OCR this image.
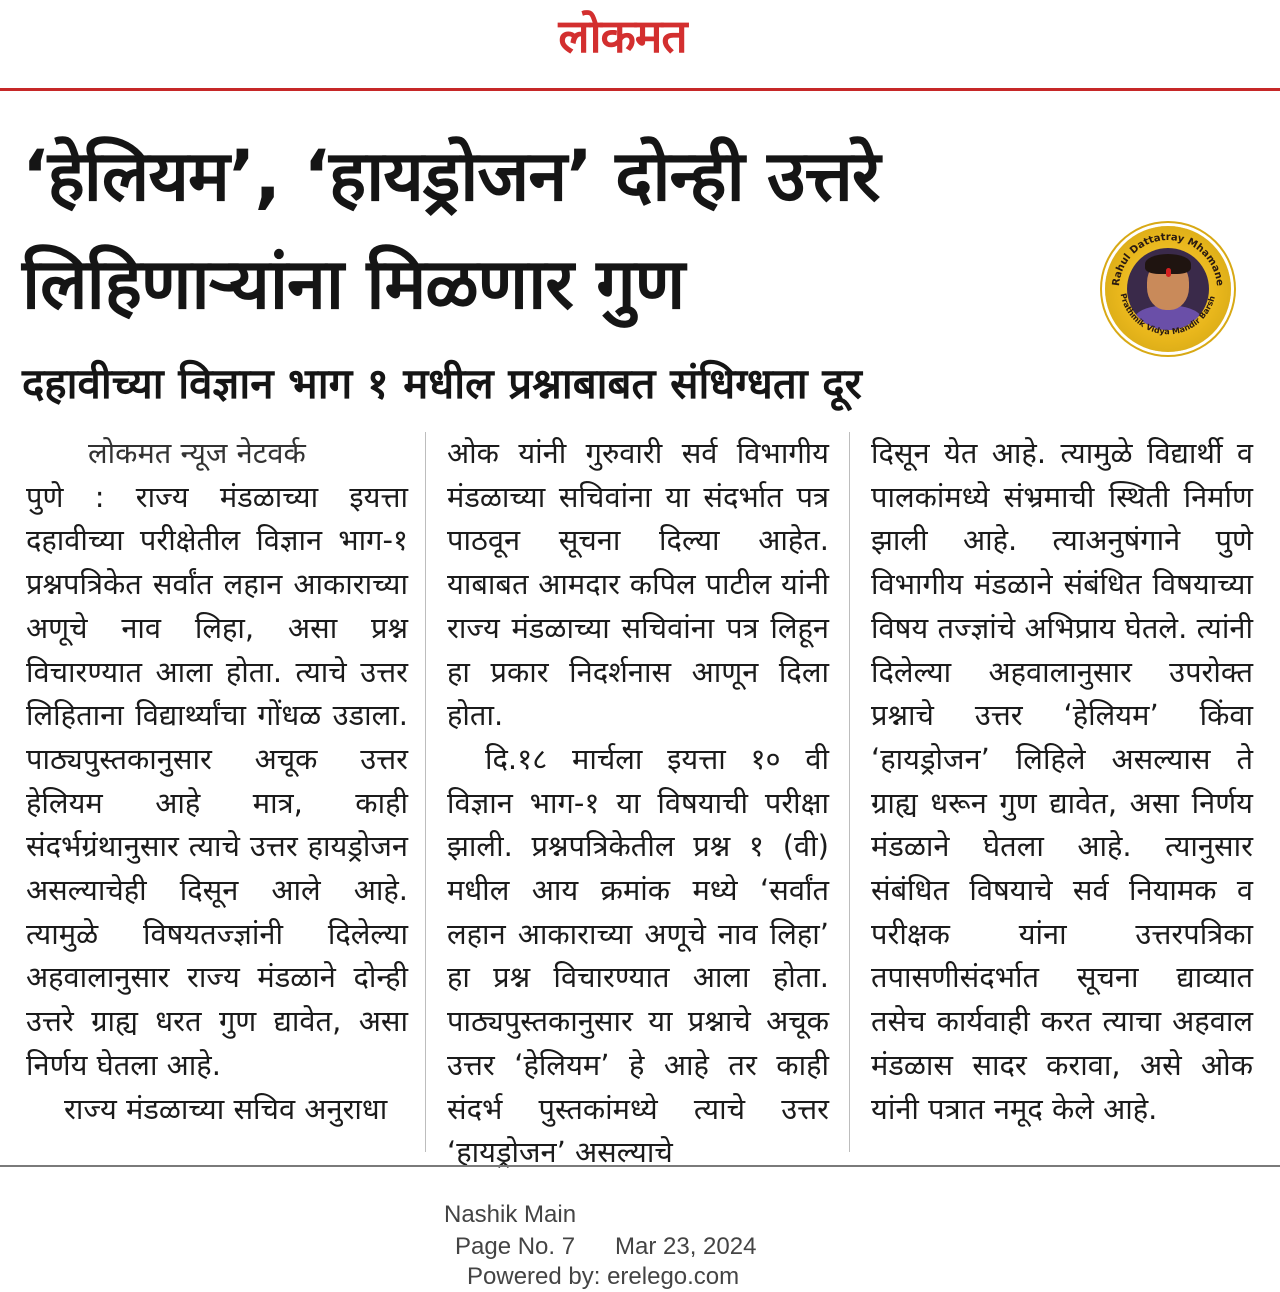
लोकमत
‘हेलियम’, ‘हायड्रोजन’ दोन्ही उत्तरे लिहिणाऱ्यांना मिळणार गुण	Rahul Dattatray Mhamane
Prathmik Vidya Mandir Barsh
दहावीच्या विज्ञान भाग १ मधील प्रश्नाबाबत संधिग्धता दूर
लोकमत न्यूज नेटवर्क

पुणे : राज्य मंडळाच्या इयत्ता दहावीच्या परीक्षेतील विज्ञान भाग-१ प्रश्नपत्रिकेत सर्वांत लहान आकाराच्या अणूचे नाव लिहा, असा प्रश्न विचारण्यात आला होता. त्याचे उत्तर लिहिताना विद्यार्थ्यांचा गोंधळ उडाला. पाठ्यपुस्तकानुसार अचूक उत्तर हेलियम आहे मात्र, काही संदर्भग्रंथानुसार त्याचे उत्तर हायड्रोजन असल्याचेही दिसून आले आहे. त्यामुळे विषयतज्ज्ञांनी दिलेल्या अहवालानुसार राज्य मंडळाने दोन्ही उत्तरे ग्राह्य धरत गुण द्यावेत, असा निर्णय घेतला आहे.

राज्य मंडळाच्या सचिव अनुराधा

ओक यांनी गुरुवारी सर्व विभागीय मंडळाच्या सचिवांना या संदर्भात पत्र पाठवून सूचना दिल्या आहेत. याबाबत आमदार कपिल पाटील यांनी राज्य मंडळाच्या सचिवांना पत्र लिहून हा प्रकार निदर्शनास आणून दिला होता.

दि.१८ मार्चला इयत्ता १० वी विज्ञान भाग-१ या विषयाची परीक्षा झाली. प्रश्नपत्रिकेतील प्रश्न १ (वी) मधील आय क्रमांक मध्ये ‘सर्वांत लहान आकाराच्या अणूचे नाव लिहा’ हा प्रश्न विचारण्यात आला होता. पाठ्यपुस्तकानुसार या प्रश्नाचे अचूक उत्तर ‘हेलियम’ हे आहे तर काही संदर्भ पुस्तकांमध्ये त्याचे उत्तर ‘हायड्रोजन’ असल्याचे

दिसून येत आहे. त्यामुळे विद्यार्थी व पालकांमध्ये संभ्रमाची स्थिती निर्माण झाली आहे. त्याअनुषंगाने पुणे विभागीय मंडळाने संबंधित विषयाच्या विषय तज्ज्ञांचे अभिप्राय घेतले. त्यांनी दिलेल्या अहवालानुसार उपरोक्त प्रश्नाचे उत्तर ‘हेलियम’ किंवा ‘हायड्रोजन’ लिहिले असल्यास ते ग्राह्य धरून गुण द्यावेत, असा निर्णय मंडळाने घेतला आहे. त्यानुसार संबंधित विषयाचे सर्व नियामक व परीक्षक यांना उत्तरपत्रिका तपासणीसंदर्भात सूचना द्याव्यात तसेच कार्यवाही करत त्याचा अहवाल मंडळास सादर करावा, असे ओक यांनी पत्रात नमूद केले आहे.

Nashik Main
Page No. 7 Mar 23, 2024
Powered by: erelego.com
